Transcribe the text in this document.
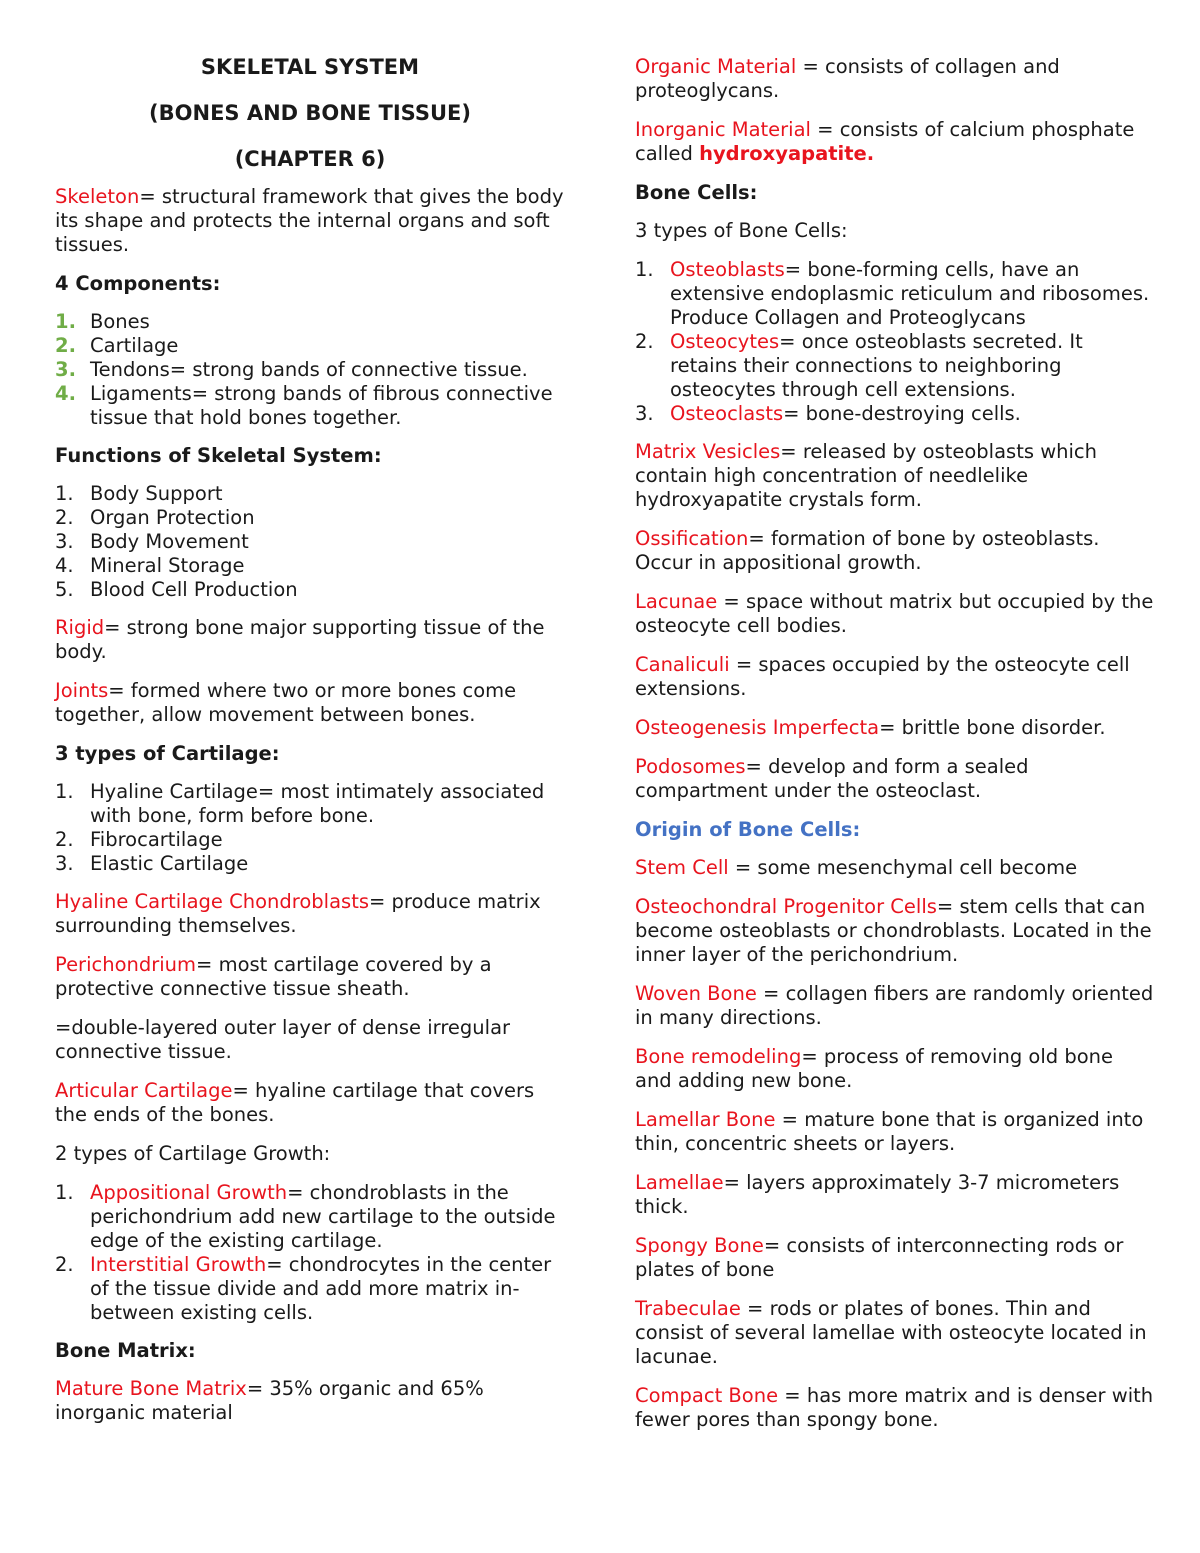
SKELETAL SYSTEM
(BONES AND BONE TISSUE)
(CHAPTER 6)
Skeleton= structural framework that gives the body its shape and protects the internal organs and soft tissues.
4 Components:
1. Bones
2. Cartilage
3. Tendons= strong bands of connective tissue.
4. Ligaments= strong bands of fibrous connective tissue that hold bones together.
Functions of Skeletal System:
1. Body Support
2. Organ Protection
3. Body Movement
4. Mineral Storage
5. Blood Cell Production
Rigid= strong bone major supporting tissue of the body.
Joints= formed where two or more bones come together, allow movement between bones.
3 types of Cartilage:
1. Hyaline Cartilage= most intimately associated with bone, form before bone.
2. Fibrocartilage
3. Elastic Cartilage
Hyaline Cartilage Chondroblasts= produce matrix surrounding themselves.
Perichondrium= most cartilage covered by a protective connective tissue sheath.
=double-layered outer layer of dense irregular connective tissue.
Articular Cartilage= hyaline cartilage that covers the ends of the bones.
2 types of Cartilage Growth:
1. Appositional Growth= chondroblasts in the perichondrium add new cartilage to the outside edge of the existing cartilage.
2. Interstitial Growth= chondrocytes in the center of the tissue divide and add more matrix in-between existing cells.
Bone Matrix:
Mature Bone Matrix= 35% organic and 65% inorganic material
Organic Material = consists of collagen and proteoglycans.
Inorganic Material = consists of calcium phosphate called hydroxyapatite.
Bone Cells:
3 types of Bone Cells:
1. Osteoblasts= bone-forming cells, have an extensive endoplasmic reticulum and ribosomes. Produce Collagen and Proteoglycans
2. Osteocytes= once osteoblasts secreted. It retains their connections to neighboring osteocytes through cell extensions.
3. Osteoclasts= bone-destroying cells.
Matrix Vesicles= released by osteoblasts which contain high concentration of needlelike hydroxyapatite crystals form.
Ossification= formation of bone by osteoblasts. Occur in appositional growth.
Lacunae = space without matrix but occupied by the osteocyte cell bodies.
Canaliculi = spaces occupied by the osteocyte cell extensions.
Osteogenesis Imperfecta= brittle bone disorder.
Podosomes= develop and form a sealed compartment under the osteoclast.
Origin of Bone Cells:
Stem Cell = some mesenchymal cell become
Osteochondral Progenitor Cells= stem cells that can become osteoblasts or chondroblasts. Located in the inner layer of the perichondrium.
Woven Bone = collagen fibers are randomly oriented in many directions.
Bone remodeling= process of removing old bone and adding new bone.
Lamellar Bone = mature bone that is organized into thin, concentric sheets or layers.
Lamellae= layers approximately 3-7 micrometers thick.
Spongy Bone= consists of interconnecting rods or plates of bone
Trabeculae = rods or plates of bones. Thin and consist of several lamellae with osteocyte located in lacunae.
Compact Bone = has more matrix and is denser with fewer pores than spongy bone.
